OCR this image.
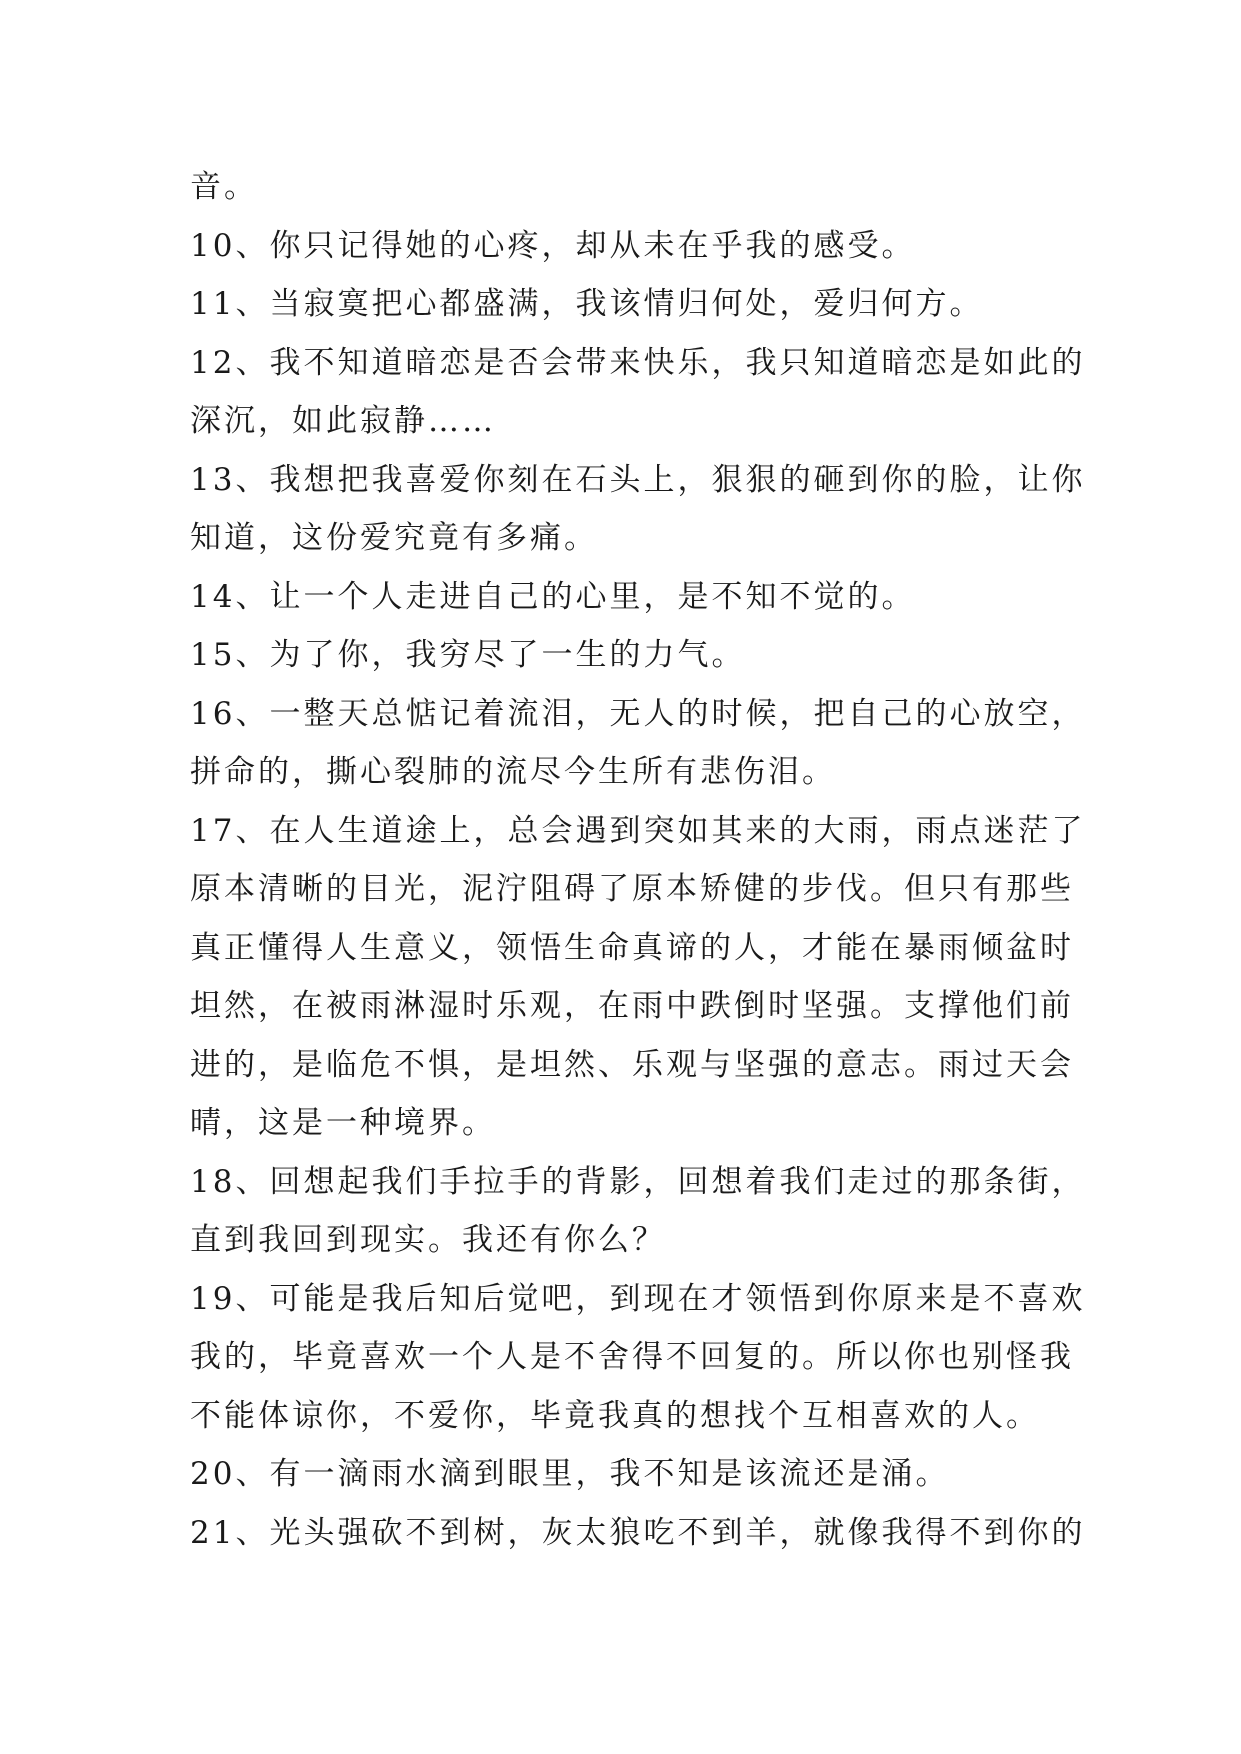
音。
10、你只记得她的心疼，却从未在乎我的感受。
11、当寂寞把心都盛满，我该情归何处，爱归何方。
12、我不知道暗恋是否会带来快乐，我只知道暗恋是如此的
深沉，如此寂静……
13、我想把我喜爱你刻在石头上，狠狠的砸到你的脸，让你
知道，这份爱究竟有多痛。
14、让一个人走进自己的心里，是不知不觉的。
15、为了你，我穷尽了一生的力气。
16、一整天总惦记着流泪，无人的时候，把自己的心放空，
拼命的，撕心裂肺的流尽今生所有悲伤泪。
17、在人生道途上，总会遇到突如其来的大雨，雨点迷茫了
原本清晰的目光，泥泞阻碍了原本矫健的步伐。但只有那些
真正懂得人生意义，领悟生命真谛的人，才能在暴雨倾盆时
坦然，在被雨淋湿时乐观，在雨中跌倒时坚强。支撑他们前
进的，是临危不惧，是坦然、乐观与坚强的意志。雨过天会
晴，这是一种境界。
18、回想起我们手拉手的背影，回想着我们走过的那条街，
直到我回到现实。我还有你么？
19、可能是我后知后觉吧，到现在才领悟到你原来是不喜欢
我的，毕竟喜欢一个人是不舍得不回复的。所以你也别怪我
不能体谅你，不爱你，毕竟我真的想找个互相喜欢的人。
20、有一滴雨水滴到眼里，我不知是该流还是涌。
21、光头强砍不到树，灰太狼吃不到羊，就像我得不到你的
